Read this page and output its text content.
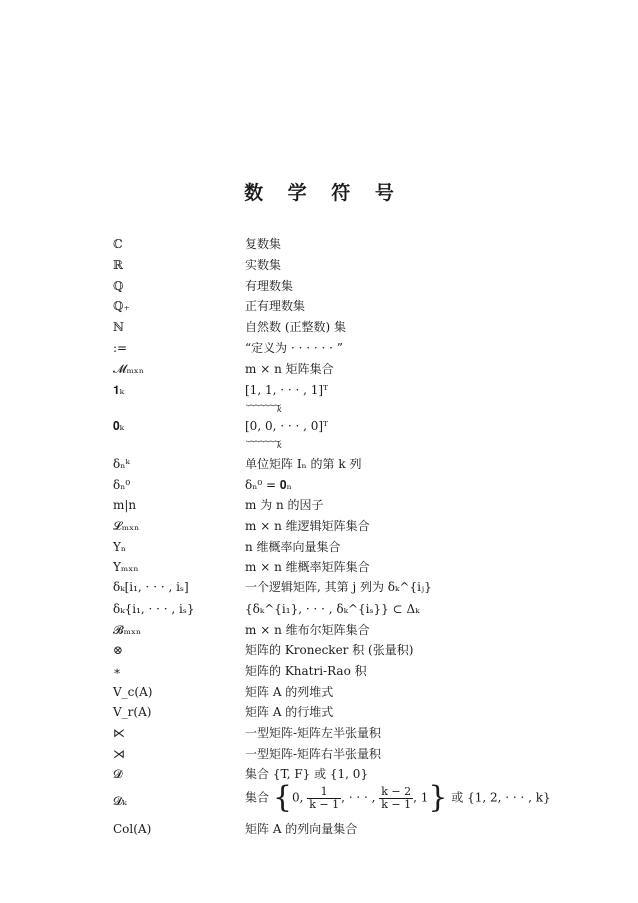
数 学 符 号
ℂ	复数集
ℝ	实数集
ℚ	有理数集
ℚ₊	正有理数集
ℕ	自然数 (正整数) 集
:=	“定义为 · · · · · · ”
𝓜ₘₓₙ	m × n 矩阵集合
𝟏ₖ	[1, 1, · · · , 1]ᵀ
⏟⏟⏟⏟⏟⏟⏟
k
𝟎ₖ	[0, 0, · · · , 0]ᵀ
⏟⏟⏟⏟⏟⏟⏟
k
δₙᵏ	单位矩阵 Iₙ 的第 k 列
δₙ⁰	δₙ⁰ = 𝟎ₙ
m|n	m 为 n 的因子
𝓛ₘₓₙ	m × n 维逻辑矩阵集合
Υₙ	n 维概率向量集合
Υₘₓₙ	m × n 维概率矩阵集合
δₖ[i₁, · · · , iₛ]	一个逻辑矩阵, 其第 j 列为 δₖ^{iⱼ}
δₖ{i₁, · · · , iₛ}	{δₖ^{i₁}, · · · , δₖ^{iₛ}} ⊂ Δₖ
𝓑ₘₓₙ	m × n 维布尔矩阵集合
⊗	矩阵的 Kronecker 积 (张量积)
∗	矩阵的 Khatri-Rao 积
V_c(A)	矩阵 A 的列堆式
V_r(A)	矩阵 A 的行堆式
⋉	一型矩阵-矩阵左半张量积
⋊	一型矩阵-矩阵右半张量积
𝓓	集合 {T, F} 或 {1, 0}
𝓓ₖ	集合 {0, $\frac{1}{k - 1}$ , · · · , $\frac{k - 2}{k - 1}$ , 1} 或 {1, 2, · · · , k}
Col(A)	矩阵 A 的列向量集合
